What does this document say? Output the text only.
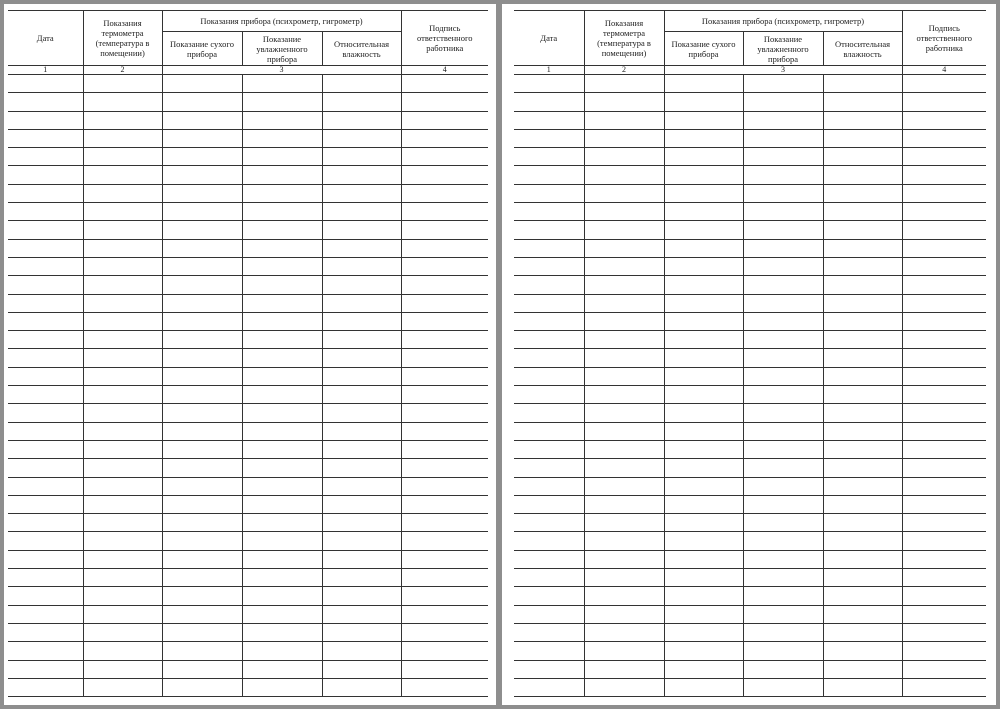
Дата	Показания термометра (температура в помещении)	Показания прибора (психрометр, гигрометр)			Подпись ответственного работника
		Показание сухого прибора	Показание увлажненного прибора	Относительная влажность	
1	2	3			4

Дата	Показания термометра (температура в помещении)	Показания прибора (психрометр, гигрометр)			Подпись ответственного работника
		Показание сухого прибора	Показание увлажненного прибора	Относительная влажность	
1	2	3			4
